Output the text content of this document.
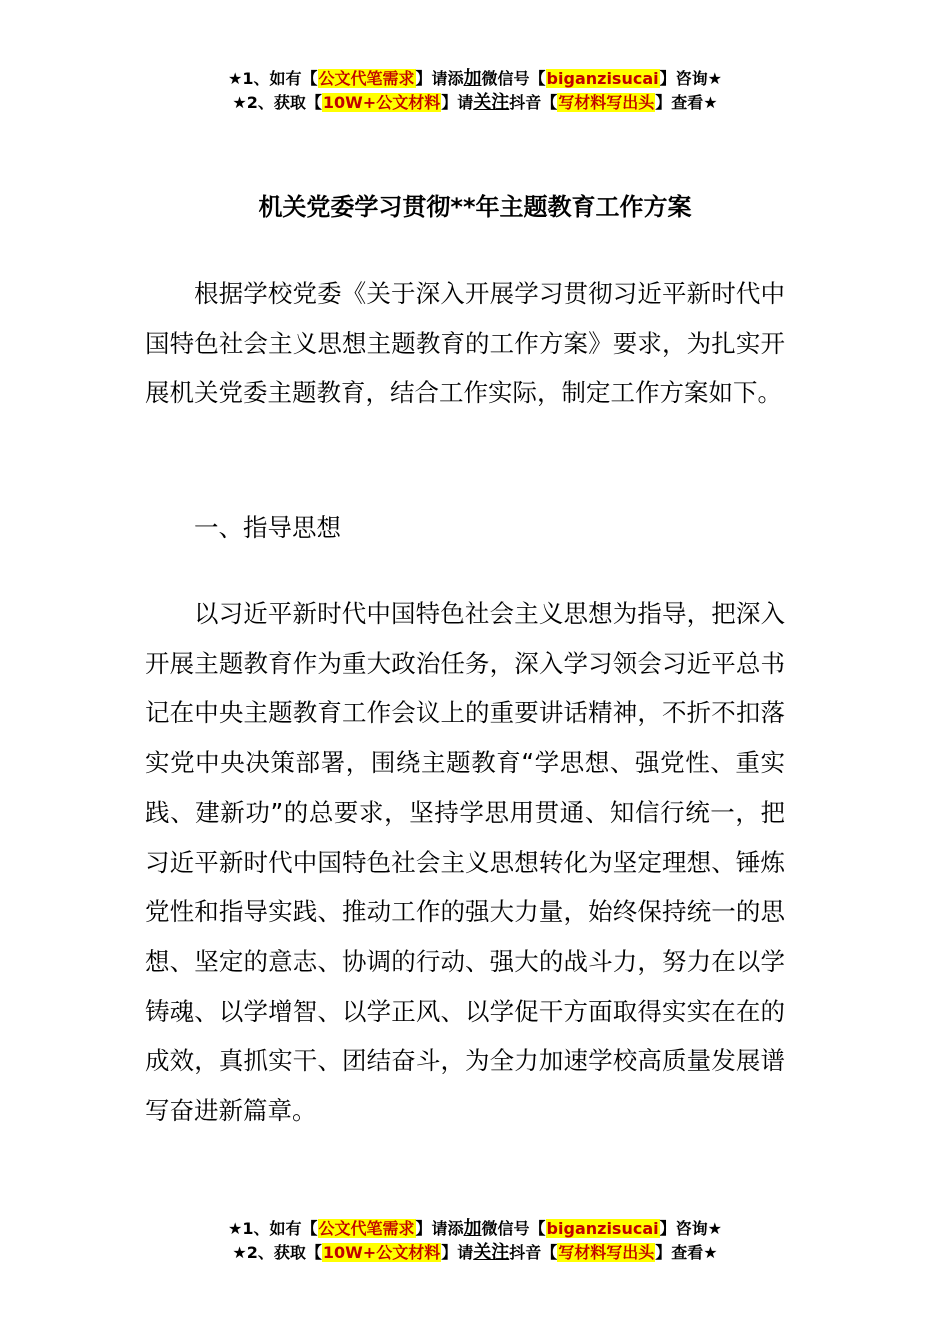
★1、如有【公文代笔需求】请添加微信号【biganzisucai】咨询★
★2、获取【10W+公文材料】请关注抖音【写材料写出头】查看★
机关党委学习贯彻**年主题教育工作方案

根据学校党委《关于深入开展学习贯彻习近平新时代中国特色社会主义思想主题教育的工作方案》要求，为扎实开展机关党委主题教育，结合工作实际，制定工作方案如下。

一、指导思想

以习近平新时代中国特色社会主义思想为指导，把深入开展主题教育作为重大政治任务，深入学习领会习近平总书记在中央主题教育工作会议上的重要讲话精神，不折不扣落实党中央决策部署，围绕主题教育“学思想、强党性、重实践、建新功”的总要求，坚持学思用贯通、知信行统一，把习近平新时代中国特色社会主义思想转化为坚定理想、锤炼党性和指导实践、推动工作的强大力量，始终保持统一的思想、坚定的意志、协调的行动、强大的战斗力，努力在以学铸魂、以学增智、以学正风、以学促干方面取得实实在在的成效，真抓实干、团结奋斗，为全力加速学校高质量发展谱写奋进新篇章。

★1、如有【公文代笔需求】请添加微信号【biganzisucai】咨询★
★2、获取【10W+公文材料】请关注抖音【写材料写出头】查看★
